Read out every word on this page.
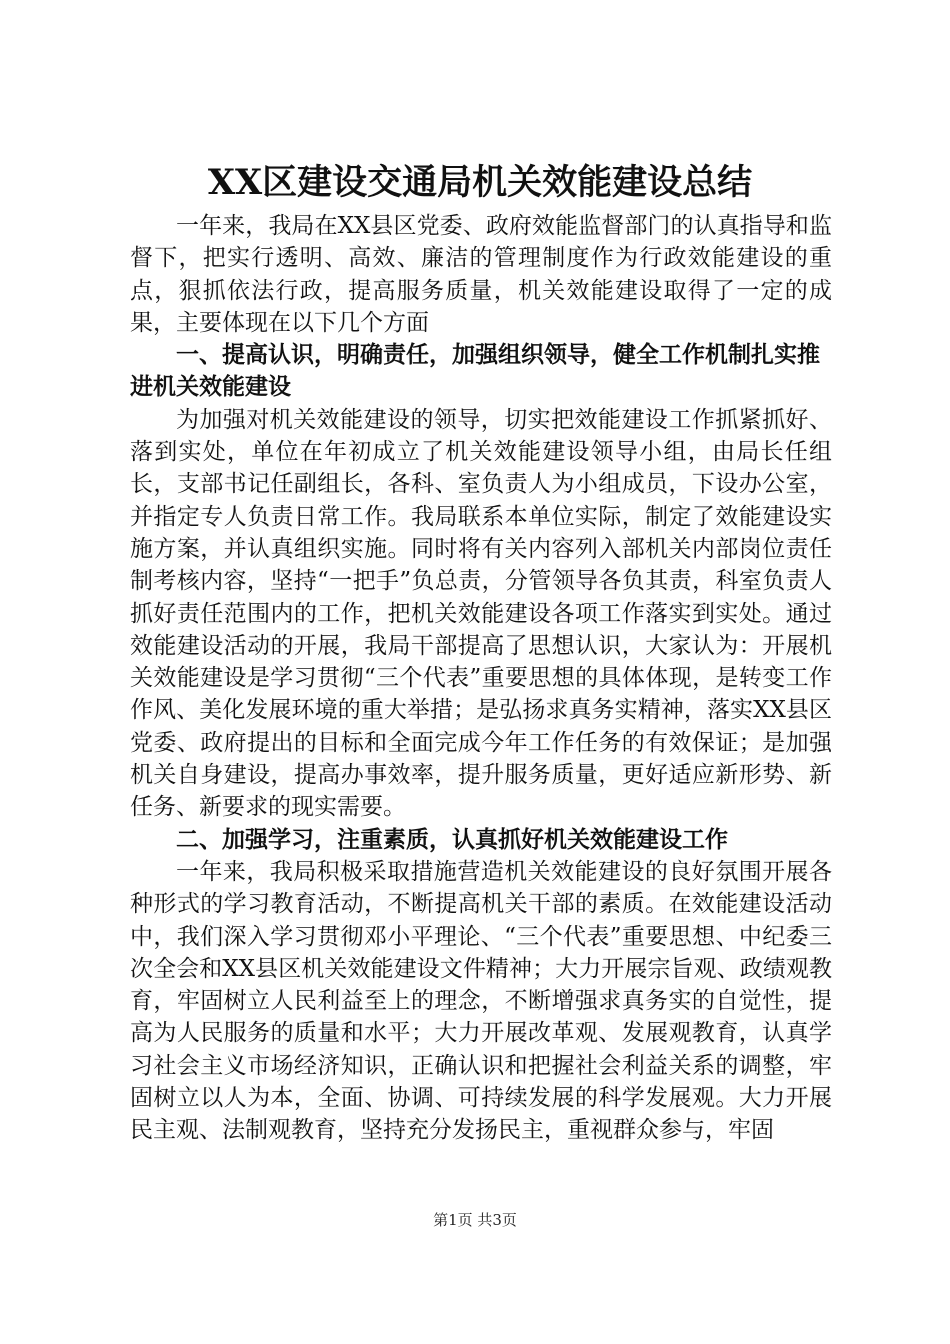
XX区建设交通局机关效能建设总结

一年来，我局在XX县区党委、政府效能监督部门的认真指导和监督下，把实行透明、高效、廉洁的管理制度作为行政效能建设的重点，狠抓依法行政，提高服务质量，机关效能建设取得了一定的成果，主要体现在以下几个方面

一、提高认识，明确责任，加强组织领导，健全工作机制扎实推进机关效能建设

为加强对机关效能建设的领导，切实把效能建设工作抓紧抓好、落到实处，单位在年初成立了机关效能建设领导小组，由局长任组长，支部书记任副组长，各科、室负责人为小组成员，下设办公室，并指定专人负责日常工作。我局联系本单位实际，制定了效能建设实施方案，并认真组织实施。同时将有关内容列入部机关内部岗位责任制考核内容，坚持“一把手”负总责，分管领导各负其责，科室负责人抓好责任范围内的工作，把机关效能建设各项工作落实到实处。通过效能建设活动的开展，我局干部提高了思想认识，大家认为：开展机关效能建设是学习贯彻“三个代表”重要思想的具体体现，是转变工作作风、美化发展环境的重大举措；是弘扬求真务实精神，落实XX县区党委、政府提出的目标和全面完成今年工作任务的有效保证；是加强机关自身建设，提高办事效率，提升服务质量，更好适应新形势、新任务、新要求的现实需要。

二、加强学习，注重素质，认真抓好机关效能建设工作

一年来，我局积极采取措施营造机关效能建设的良好氛围开展各种形式的学习教育活动，不断提高机关干部的素质。在效能建设活动中，我们深入学习贯彻邓小平理论、“三个代表”重要思想、中纪委三次全会和XX县区机关效能建设文件精神；大力开展宗旨观、政绩观教育，牢固树立人民利益至上的理念，不断增强求真务实的自觉性，提高为人民服务的质量和水平；大力开展改革观、发展观教育，认真学习社会主义市场经济知识，正确认识和把握社会利益关系的调整，牢固树立以人为本，全面、协调、可持续发展的科学发展观。大力开展民主观、法制观教育，坚持充分发扬民主，重视群众参与，牢固

第1页 共3页
